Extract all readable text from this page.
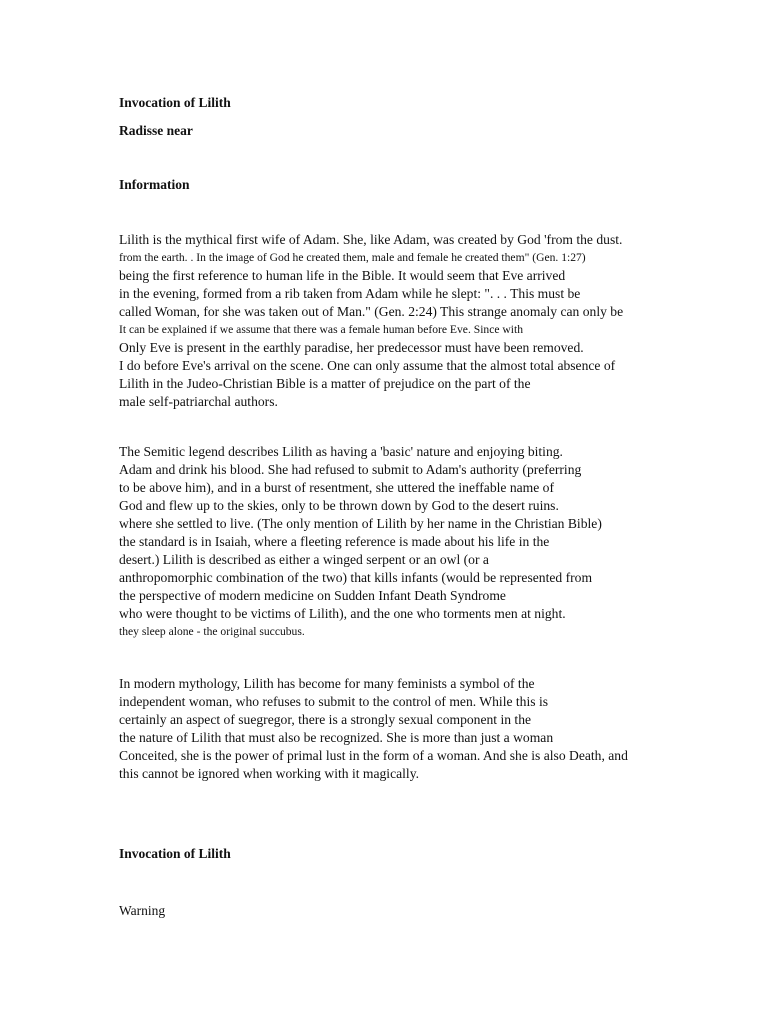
Invocation of Lilith
Radisse near
Information
Lilith is the mythical first wife of Adam. She, like Adam, was created by God 'from the dust.
from the earth. . In the image of God he created them, male and female he created them" (Gen. 1:27)
being the first reference to human life in the Bible. It would seem that Eve arrived
in the evening, formed from a rib taken from Adam while he slept: ". . . This must be
called Woman, for she was taken out of Man." (Gen. 2:24) This strange anomaly can only be
It can be explained if we assume that there was a female human before Eve. Since with
Only Eve is present in the earthly paradise, her predecessor must have been removed.
I do before Eve's arrival on the scene. One can only assume that the almost total absence of
Lilith in the Judeo-Christian Bible is a matter of prejudice on the part of the
male self-patriarchal authors.
The Semitic legend describes Lilith as having a 'basic' nature and enjoying biting.
Adam and drink his blood. She had refused to submit to Adam's authority (preferring
to be above him), and in a burst of resentment, she uttered the ineffable name of
God and flew up to the skies, only to be thrown down by God to the desert ruins.
where she settled to live. (The only mention of Lilith by her name in the Christian Bible)
the standard is in Isaiah, where a fleeting reference is made about his life in the
desert.) Lilith is described as either a winged serpent or an owl (or a
anthropomorphic combination of the two) that kills infants (would be represented from
the perspective of modern medicine on Sudden Infant Death Syndrome
who were thought to be victims of Lilith), and the one who torments men at night.
they sleep alone - the original succubus.
In modern mythology, Lilith has become for many feminists a symbol of the
independent woman, who refuses to submit to the control of men. While this is
certainly an aspect of suegregor, there is a strongly sexual component in the
the nature of Lilith that must also be recognized. She is more than just a woman
Conceited, she is the power of primal lust in the form of a woman. And she is also Death, and
this cannot be ignored when working with it magically.
Invocation of Lilith
Warning
